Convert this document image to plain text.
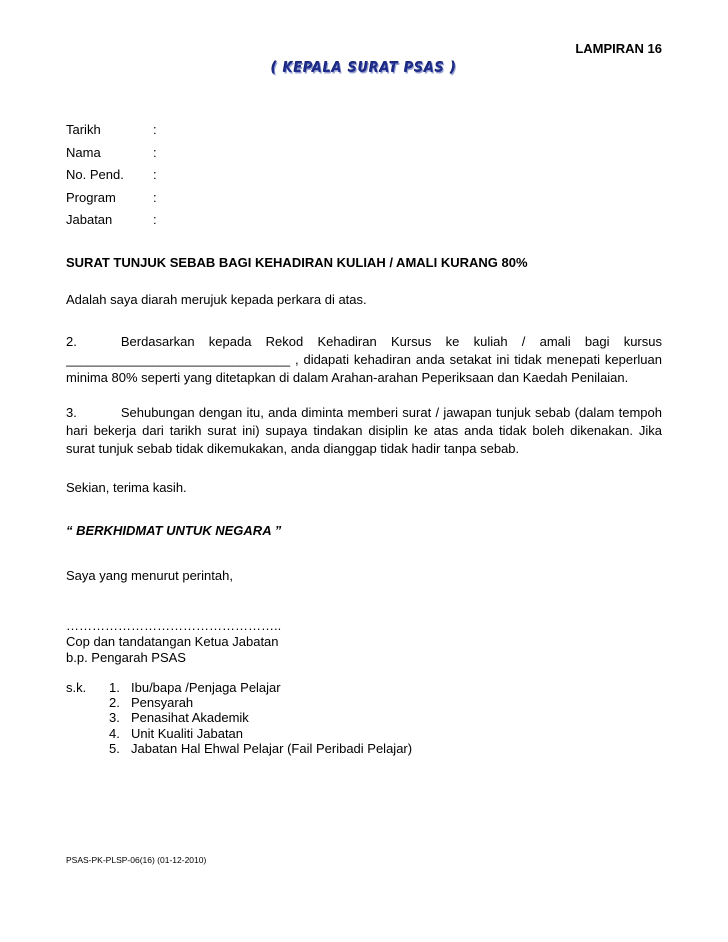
LAMPIRAN 16
( KEPALA SURAT PSAS )
Tarikh	:
Nama	:
No. Pend. :
Program	:
Jabatan	:
SURAT TUNJUK SEBAB BAGI KEHADIRAN KULIAH / AMALI KURANG 80%
Adalah saya diarah merujuk kepada perkara di atas.
2.	Berdasarkan kepada Rekod Kehadiran Kursus ke kuliah / amali bagi kursus
_______________________________ , didapati kehadiran anda setakat ini tidak menepati keperluan
minima 80% seperti yang ditetapkan di dalam Arahan-arahan Peperiksaan dan Kaedah Penilaian.
3.	Sehubungan dengan itu, anda diminta memberi surat / jawapan tunjuk sebab (dalam tempoh
hari bekerja dari tarikh surat ini) supaya tindakan disiplin ke atas anda tidak boleh dikenakan. Jika
surat tunjuk sebab tidak dikemukakan, anda dianggap tidak hadir tanpa sebab.
Sekian, terima kasih.
“ BERKHIDMAT UNTUK NEGARA ”
Saya yang menurut perintah,
…………………………………………..
Cop dan tandatangan Ketua Jabatan
b.p. Pengarah PSAS
s.k. 1. Ibu/bapa /Penjaga Pelajar
2. Pensyarah
3. Penasihat Akademik
4. Unit Kualiti Jabatan
5. Jabatan Hal Ehwal Pelajar (Fail Peribadi Pelajar)
PSAS-PK-PLSP-06(16) (01-12-2010)
